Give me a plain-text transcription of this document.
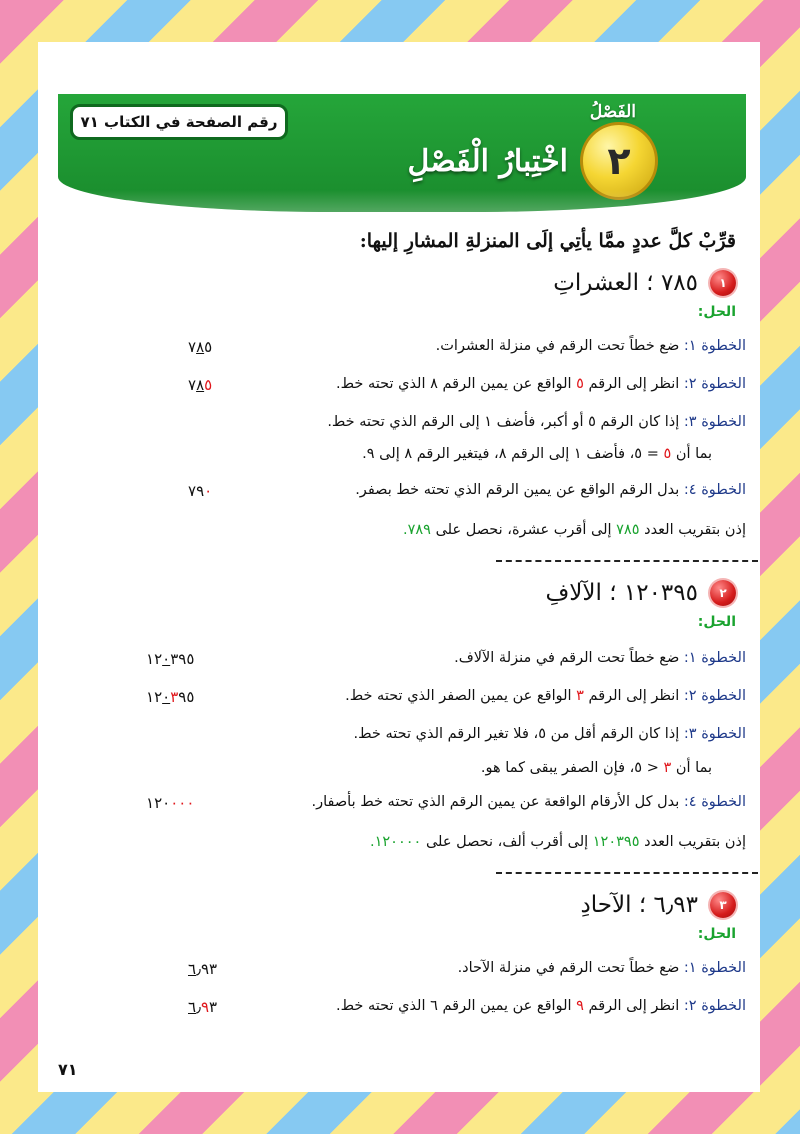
رقم الصفحة في الكتاب ٧١	الفَصْلُ
٢
اخْتِبارُ الْفَصْلِ
قرِّبْ كلَّ عددٍ ممَّا يأتِي إلَى المنزلةِ المشارِ إليها:
١
٧٨٥ ؛ العشراتِ
الحل:
الخطوة ١: ضع خطاً تحت الرقم في منزلة العشرات.
٧٨٥
الخطوة ٢: انظر إلى الرقم ٥ الواقع عن يمين الرقم ٨ الذي تحته خط.
٧٨٥
الخطوة ٣: إذا كان الرقم ٥ أو أكبر، فأضف ١ إلى الرقم الذي تحته خط.
بما أن ٥ = ٥، فأضف ١ إلى الرقم ٨، فيتغير الرقم ٨ إلى ٩.
الخطوة ٤: بدل الرقم الواقع عن يمين الرقم الذي تحته خط بصفر.
٧٩٠
إذن بتقريب العدد ٧٨٥ إلى أقرب عشرة، نحصل على ٧٨٩.
٢
١٢٠٣٩٥ ؛ الآلافِ
الحل:
الخطوة ١: ضع خطاً تحت الرقم في منزلة الآلاف.
١٢٠٣٩٥
الخطوة ٢: انظر إلى الرقم ٣ الواقع عن يمين الصفر الذي تحته خط.
١٢٠٣٩٥
الخطوة ٣: إذا كان الرقم أقل من ٥، فلا تغير الرقم الذي تحته خط.
بما أن ٣ < ٥، فإن الصفر يبقى كما هو.
الخطوة ٤: بدل كل الأرقام الواقعة عن يمين الرقم الذي تحته خط بأصفار.
١٢٠٠٠٠
إذن بتقريب العدد ١٢٠٣٩٥ إلى أقرب ألف، نحصل على ١٢٠٠٠٠.
٣
٦٫٩٣ ؛ الآحادِ
الحل:
الخطوة ١: ضع خطاً تحت الرقم في منزلة الآحاد.
٦٫٩٣
الخطوة ٢: انظر إلى الرقم ٩ الواقع عن يمين الرقم ٦ الذي تحته خط.
٦٫٩٣
٧١
